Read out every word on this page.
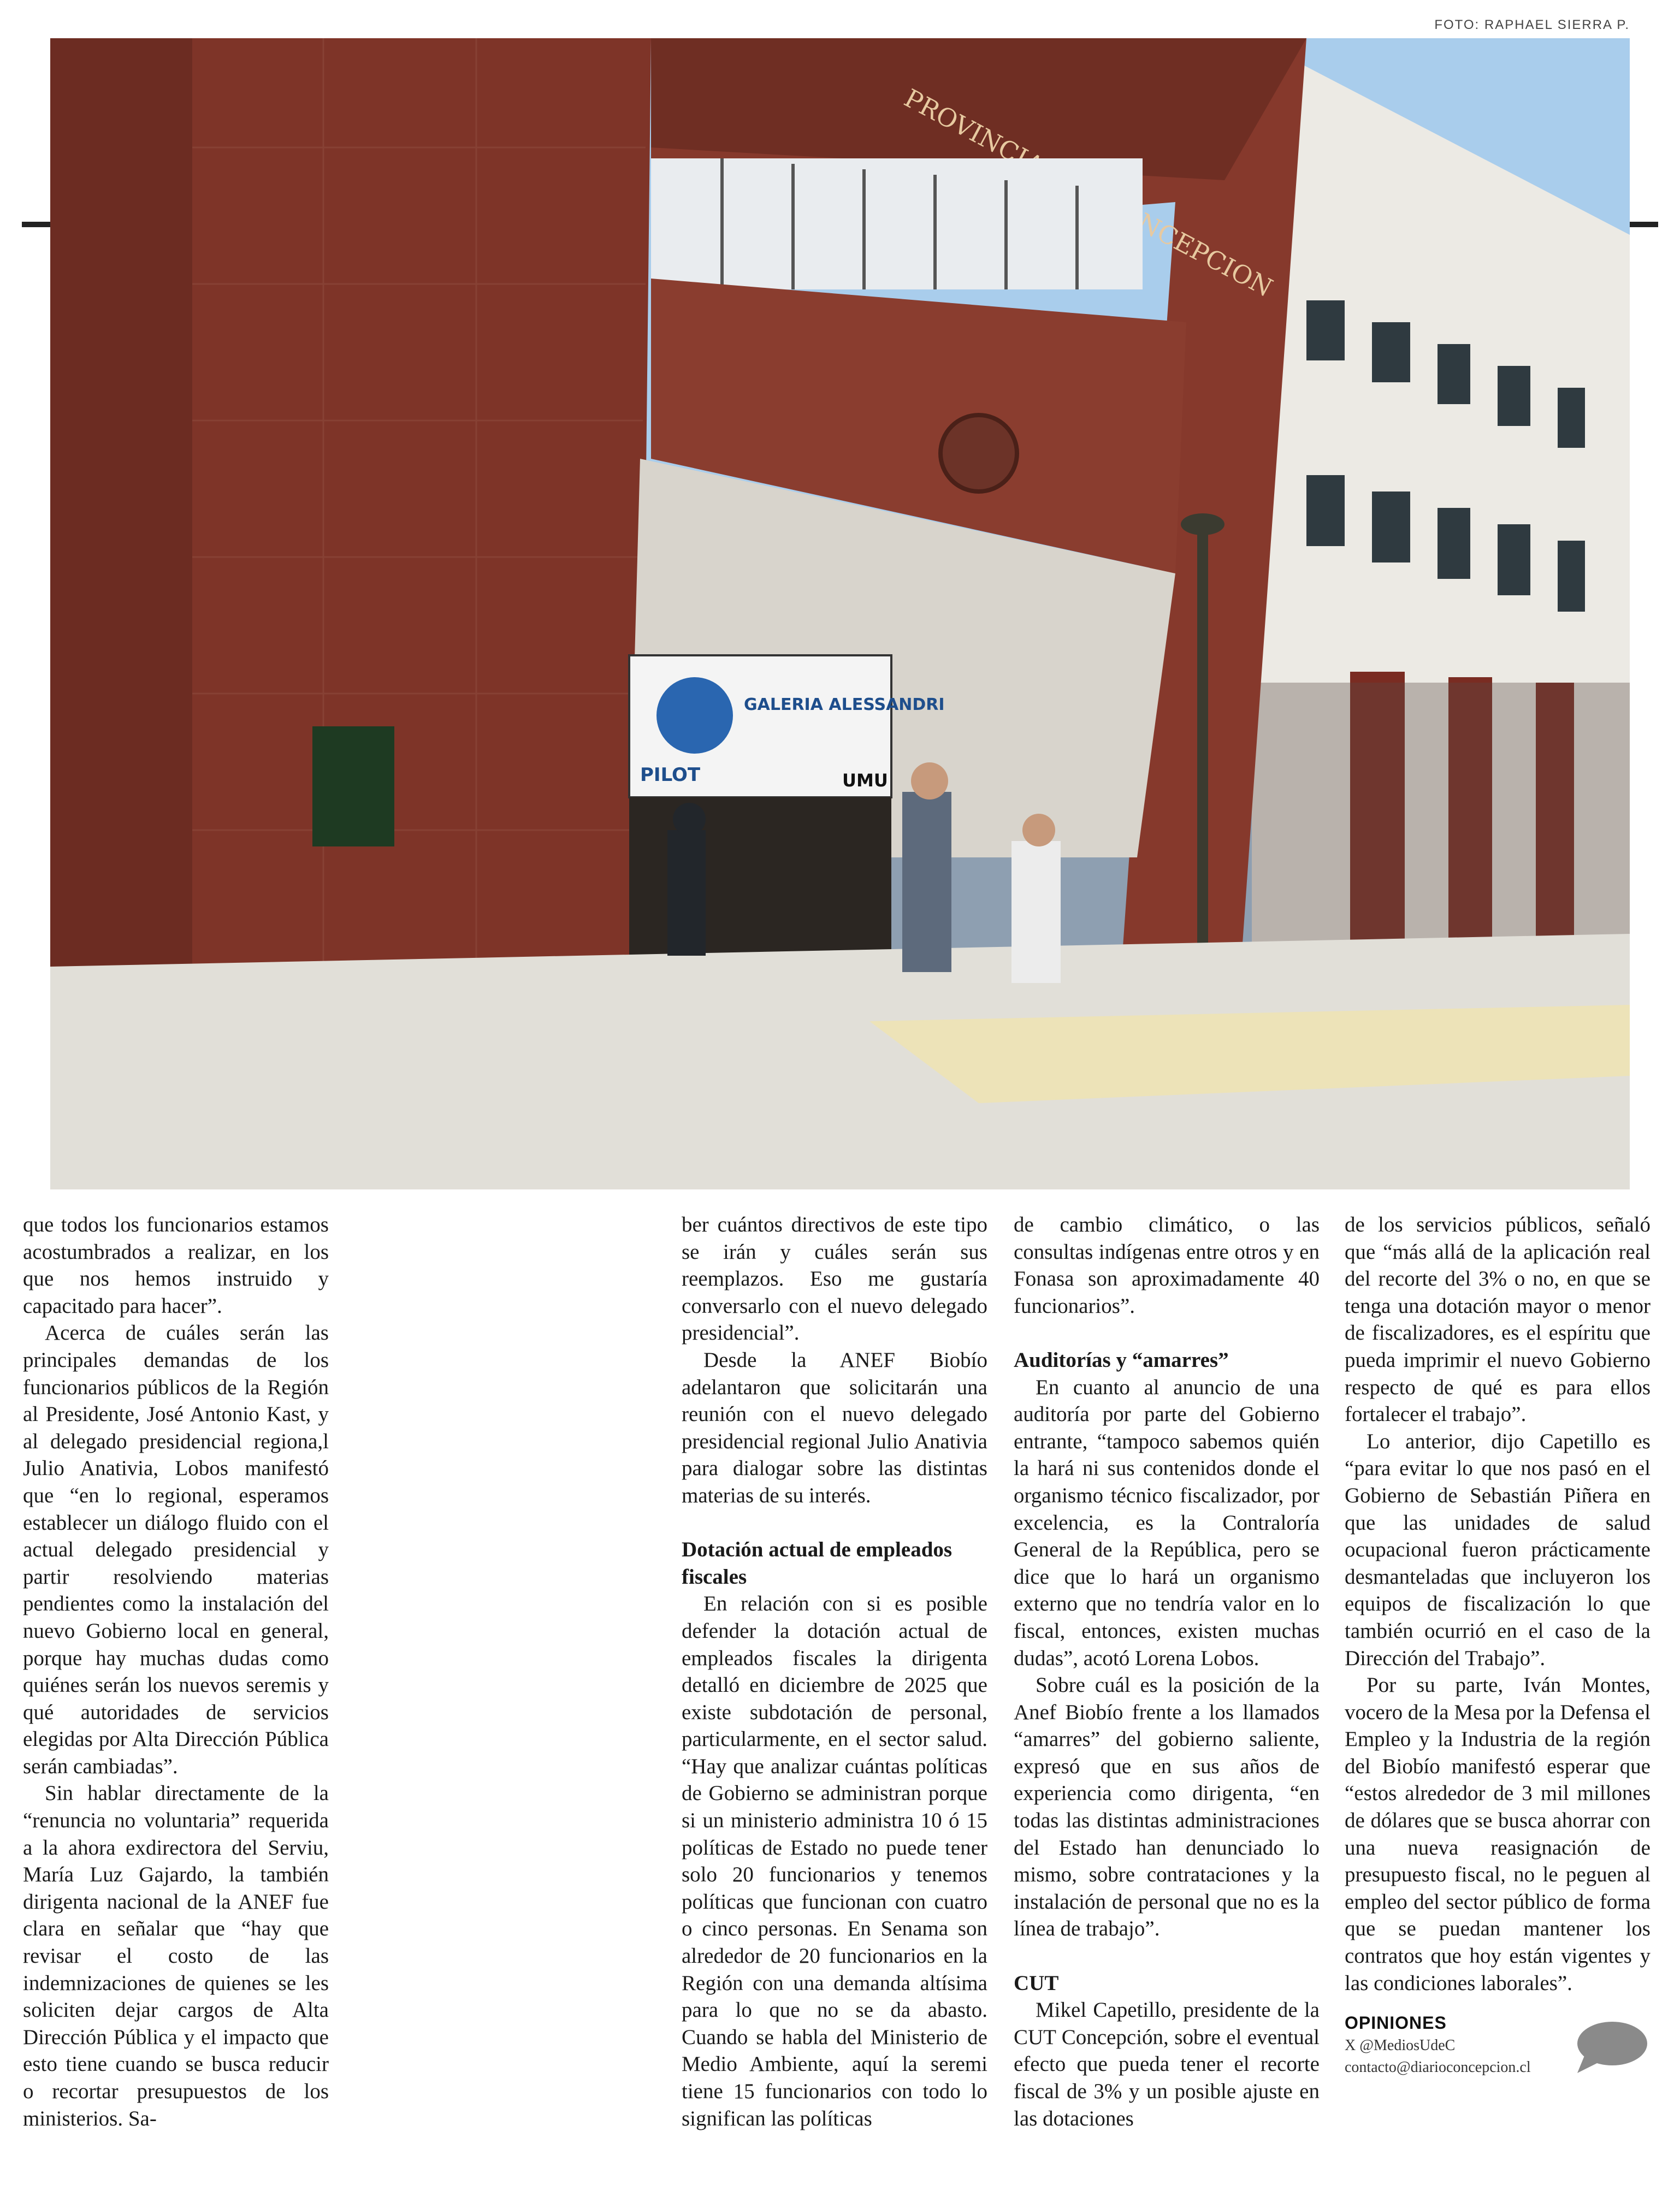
FOTO: RAPHAEL SIERRA P.
PROVINCIAL CONCEPCION
GALERIA ALESSANDRI
PILOT	UMU

que todos los funcionarios estamos acostumbrados a realizar, en los que nos hemos instruido y capacitado para hacer”.

Acerca de cuáles serán las principales demandas de los funcionarios públicos de la Región al Presidente, José Antonio Kast, y al delegado presidencial regiona,l Julio Anativia, Lobos manifestó que “en lo regional, esperamos establecer un diálogo fluido con el actual delegado presidencial y partir resolviendo materias pendientes como la instalación del nuevo Gobierno local en general, porque hay muchas dudas como quiénes serán los nuevos seremis y qué autoridades de servicios elegidas por Alta Dirección Pública serán cambiadas”.

Sin hablar directamente de la “renuncia no voluntaria” requerida a la ahora exdirectora del Serviu, María Luz Gajardo, la también dirigenta nacional de la ANEF fue clara en señalar que “hay que revisar el costo de las indemnizaciones de quienes se les soliciten dejar cargos de Alta Dirección Pública y el impacto que esto tiene cuando se busca reducir o recortar presupuestos de los ministerios. Sa-

ber cuántos directivos de este tipo se irán y cuáles serán sus reemplazos. Eso me gustaría conversarlo con el nuevo delegado presidencial”.

Desde la ANEF Biobío adelantaron que solicitarán una reunión con el nuevo delegado presidencial regional Julio Anativia para dialogar sobre las distintas materias de su interés.

Dotación actual de empleados fiscales

En relación con si es posible defender la dotación actual de empleados fiscales la dirigenta detalló en diciembre de 2025 que existe subdotación de personal, particularmente, en el sector salud. “Hay que analizar cuántas políticas de Gobierno se administran porque si un ministerio administra 10 ó 15 políticas de Estado no puede tener solo 20 funcionarios y tenemos políticas que funcionan con cuatro o cinco personas. En Senama son alrededor de 20 funcionarios en la Región con una demanda altísima para lo que no se da abasto. Cuando se habla del Ministerio de Medio Ambiente, aquí la seremi tiene 15 funcionarios con todo lo significan las políticas

de cambio climático, o las consultas indígenas entre otros y en Fonasa son aproximadamente 40 funcionarios”.

Auditorías y “amarres”

En cuanto al anuncio de una auditoría por parte del Gobierno entrante, “tampoco sabemos quién la hará ni sus contenidos donde el organismo técnico fiscalizador, por excelencia, es la Contraloría General de la República, pero se dice que lo hará un organismo externo que no tendría valor en lo fiscal, entonces, existen muchas dudas”, acotó Lorena Lobos.

Sobre cuál es la posición de la Anef Biobío frente a los llamados “amarres” del gobierno saliente, expresó que en sus años de experiencia como dirigenta, “en todas las distintas administraciones del Estado han denunciado lo mismo, sobre contrataciones y la instalación de personal que no es la línea de trabajo”.

CUT

Mikel Capetillo, presidente de la CUT Concepción, sobre el eventual efecto que pueda tener el recorte fiscal de 3% y un posible ajuste en las dotaciones

de los servicios públicos, señaló que “más allá de la aplicación real del recorte del 3% o no, en que se tenga una dotación mayor o menor de fiscalizadores, es el espíritu que pueda imprimir el nuevo Gobierno respecto de qué es para ellos fortalecer el trabajo”.

Lo anterior, dijo Capetillo es “para evitar lo que nos pasó en el Gobierno de Sebastián Piñera en que las unidades de salud ocupacional fueron prácticamente desmanteladas que incluyeron los equipos de fiscalización lo que también ocurrió en el caso de la Dirección del Trabajo”.

Por su parte, Iván Montes, vocero de la Mesa por la Defensa el Empleo y la Industria de la región del Biobío manifestó esperar que “estos alrededor de 3 mil millones de dólares que se busca ahorrar con una nueva reasignación de presupuesto fiscal, no le peguen al empleo del sector público de forma que se puedan mantener los contratos que hoy están vigentes y las condiciones laborales”.

OPINIONES
X @MediosUdeC
contacto@diarioconcepcion.cl
